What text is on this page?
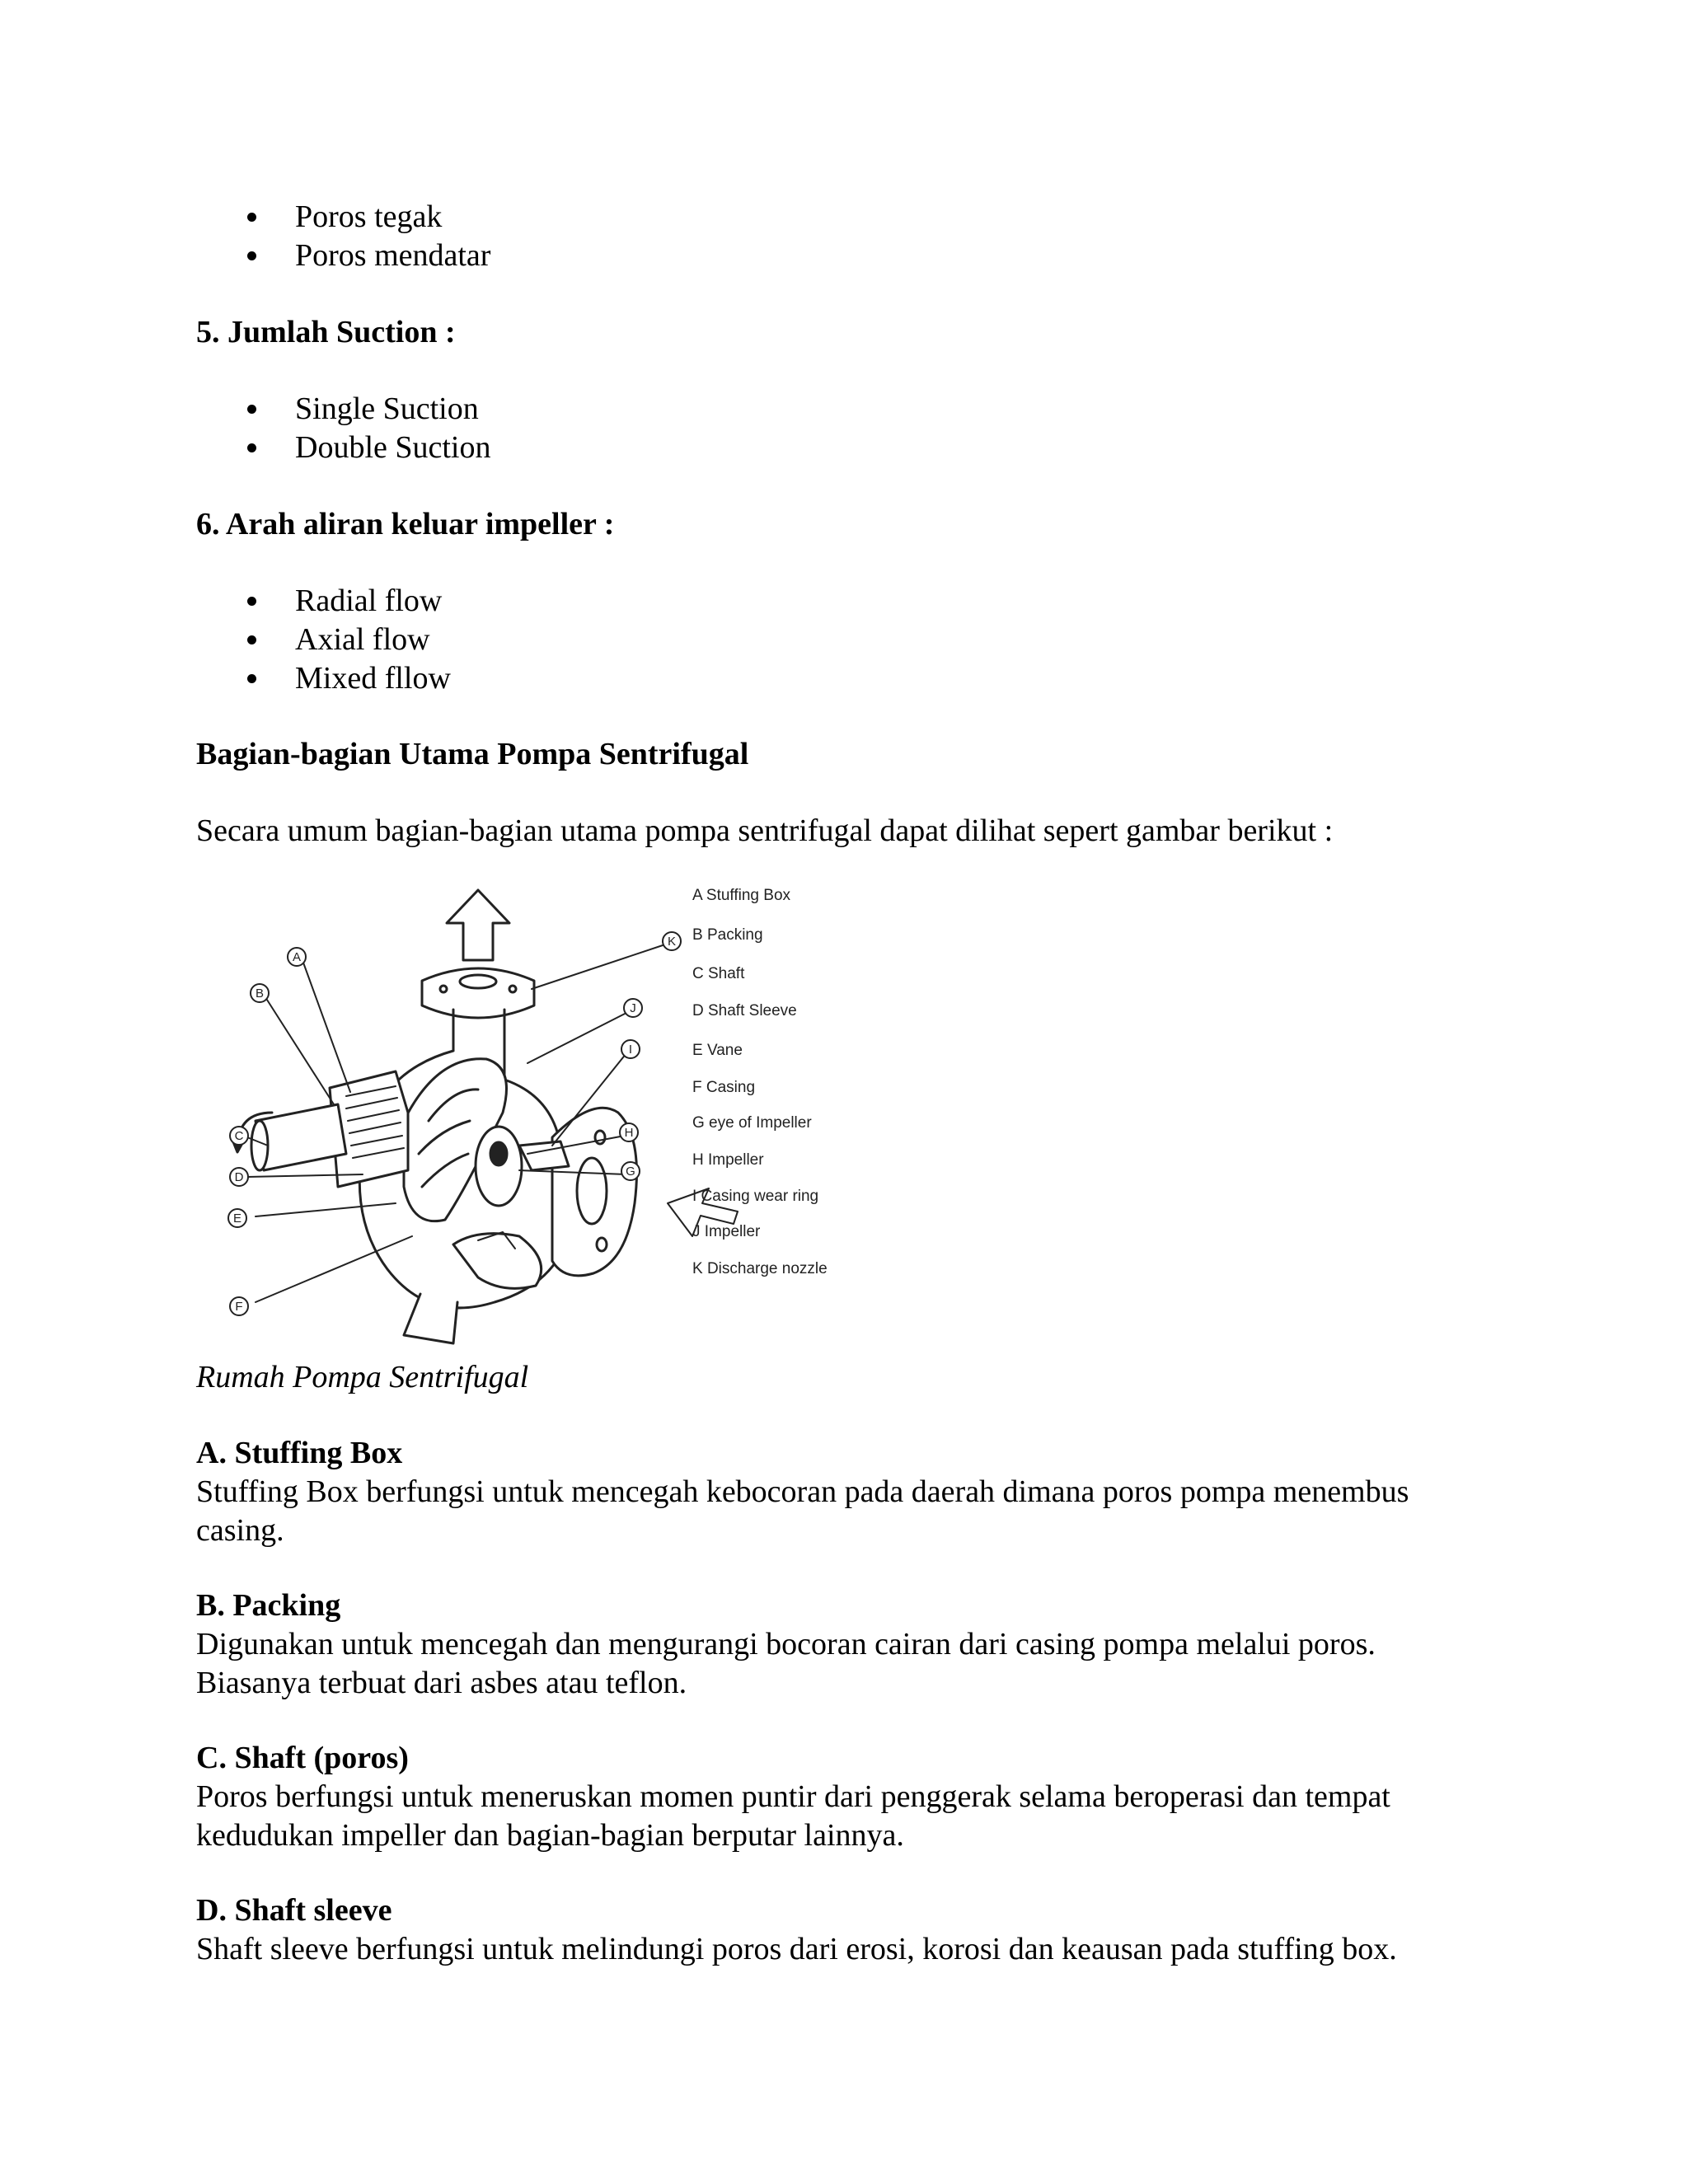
Poros tegak
Poros mendatar
5. Jumlah Suction :
Single Suction
Double Suction
6. Arah aliran keluar impeller :
Radial flow
Axial flow
Mixed fllow
Bagian-bagian Utama Pompa Sentrifugal
Secara umum bagian-bagian utama pompa sentrifugal dapat dilihat sepert gambar berikut :
Rumah Pompa Sentrifugal
A. Stuffing Box
Stuffing Box berfungsi untuk mencegah kebocoran pada daerah dimana poros pompa menembus
casing.
B. Packing
Digunakan untuk mencegah dan mengurangi bocoran cairan dari casing pompa melalui poros.
Biasanya terbuat dari asbes atau teflon.
C. Shaft (poros)
Poros berfungsi untuk meneruskan momen puntir dari penggerak selama beroperasi dan tempat
kedudukan impeller dan bagian-bagian berputar lainnya.
D. Shaft sleeve
Shaft sleeve berfungsi untuk melindungi poros dari erosi, korosi dan keausan pada stuffing box.
K
J
I
H
G
A
B
C
D
E
F
A Stuffing Box
B Packing
C Shaft
D Shaft Sleeve
E Vane
F Casing
G eye of Impeller
H Impeller
I Casing wear ring
J Impeller
K Discharge nozzle
